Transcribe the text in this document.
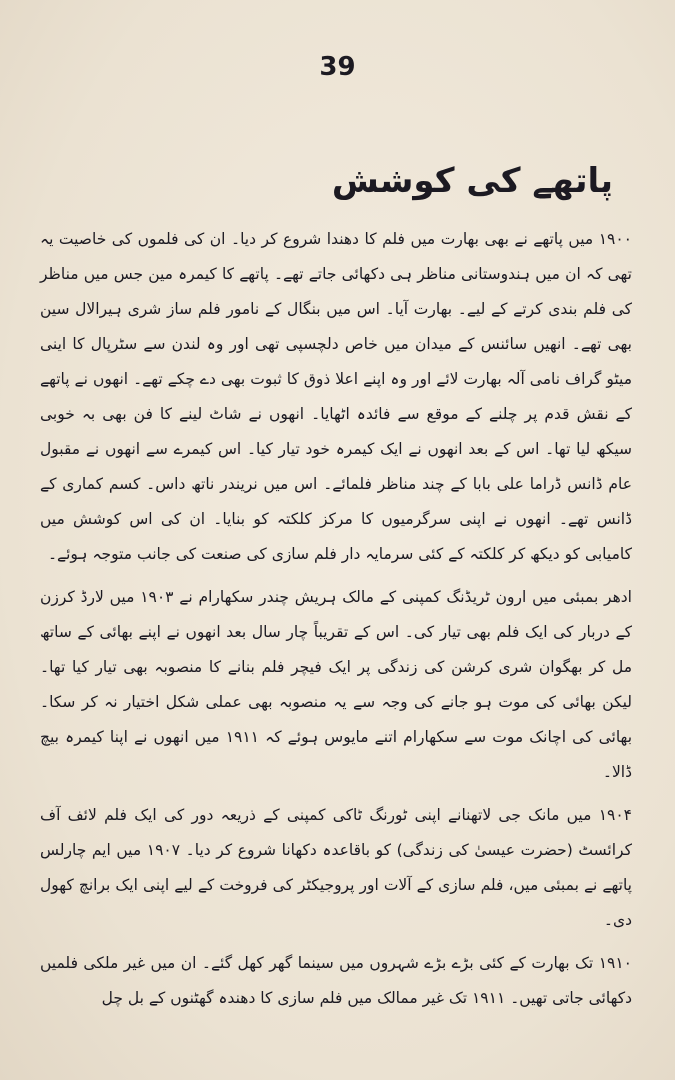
39
پاتھے کی کوشش

۱۹۰۰ میں پاتھے نے بھی بھارت میں فلم کا دھندا شروع کر دیا۔ ان کی فلموں کی خاصیت یہ تھی کہ ان میں ہندوستانی مناظر ہی دکھائی جاتے تھے۔ پاتھے کا کیمرہ مین جس میں مناظر کی فلم بندی کرتے کے لیے۔ بھارت آیا۔ اس میں بنگال کے نامور فلم ساز شری ہیرالال سین بھی تھے۔ انھیں سائنس کے میدان میں خاص دلچسپی تھی اور وہ لندن سے سٹرپال کا اینی میٹو گراف نامی آلہ بھارت لائے اور وہ اپنے اعلا ذوق کا ثبوت بھی دے چکے تھے۔ انھوں نے پاتھے کے نقش قدم پر چلنے کے موقع سے فائدہ اٹھایا۔ انھوں نے شاٹ لینے کا فن بھی بہ خوبی سیکھ لیا تھا۔ اس کے بعد انھوں نے ایک کیمرہ خود تیار کیا۔ اس کیمرے سے انھوں نے مقبول عام ڈانس ڈراما علی بابا کے چند مناظر فلمائے۔ اس میں نریندر ناتھ داس۔ کسم کماری کے ڈانس تھے۔ انھوں نے اپنی سرگرمیوں کا مرکز کلکتہ کو بنایا۔ ان کی اس کوشش میں کامیابی کو دیکھ کر کلکتہ کے کئی سرمایہ دار فلم سازی کی صنعت کی جانب متوجہ ہوئے۔

ادھر بمبئی میں ارون ٹریڈنگ کمپنی کے مالک ہریش چندر سکھارام نے ۱۹۰۳ میں لارڈ کرزن کے دربار کی ایک فلم بھی تیار کی۔ اس کے تقریباً چار سال بعد انھوں نے اپنے بھائی کے ساتھ مل کر بھگوان شری کرشن کی زندگی پر ایک فیچر فلم بنانے کا منصوبہ بھی تیار کیا تھا۔ لیکن بھائی کی موت ہو جانے کی وجہ سے یہ منصوبہ بھی عملی شکل اختیار نہ کر سکا۔ بھائی کی اچانک موت سے سکھارام اتنے مایوس ہوئے کہ ۱۹۱۱ میں انھوں نے اپنا کیمرہ بیچ ڈالا۔

۱۹۰۴ میں مانک جی لاتھنانے اپنی ٹورنگ ٹاکی کمپنی کے ذریعہ دور کی ایک فلم لائف آف کرائسٹ (حضرت عیسیٰ کی زندگی) کو باقاعدہ دکھانا شروع کر دیا۔ ۱۹۰۷ میں ایم چارلس پاتھے نے بمبئی میں، فلم سازی کے آلات اور پروجیکٹر کی فروخت کے لیے اپنی ایک برانچ کھول دی۔

۱۹۱۰ تک بھارت کے کئی بڑے بڑے شہروں میں سینما گھر کھل گئے۔ ان میں غیر ملکی فلمیں دکھائی جاتی تھیں۔ ۱۹۱۱ تک غیر ممالک میں فلم سازی کا دھندہ گھٹنوں کے بل چل
